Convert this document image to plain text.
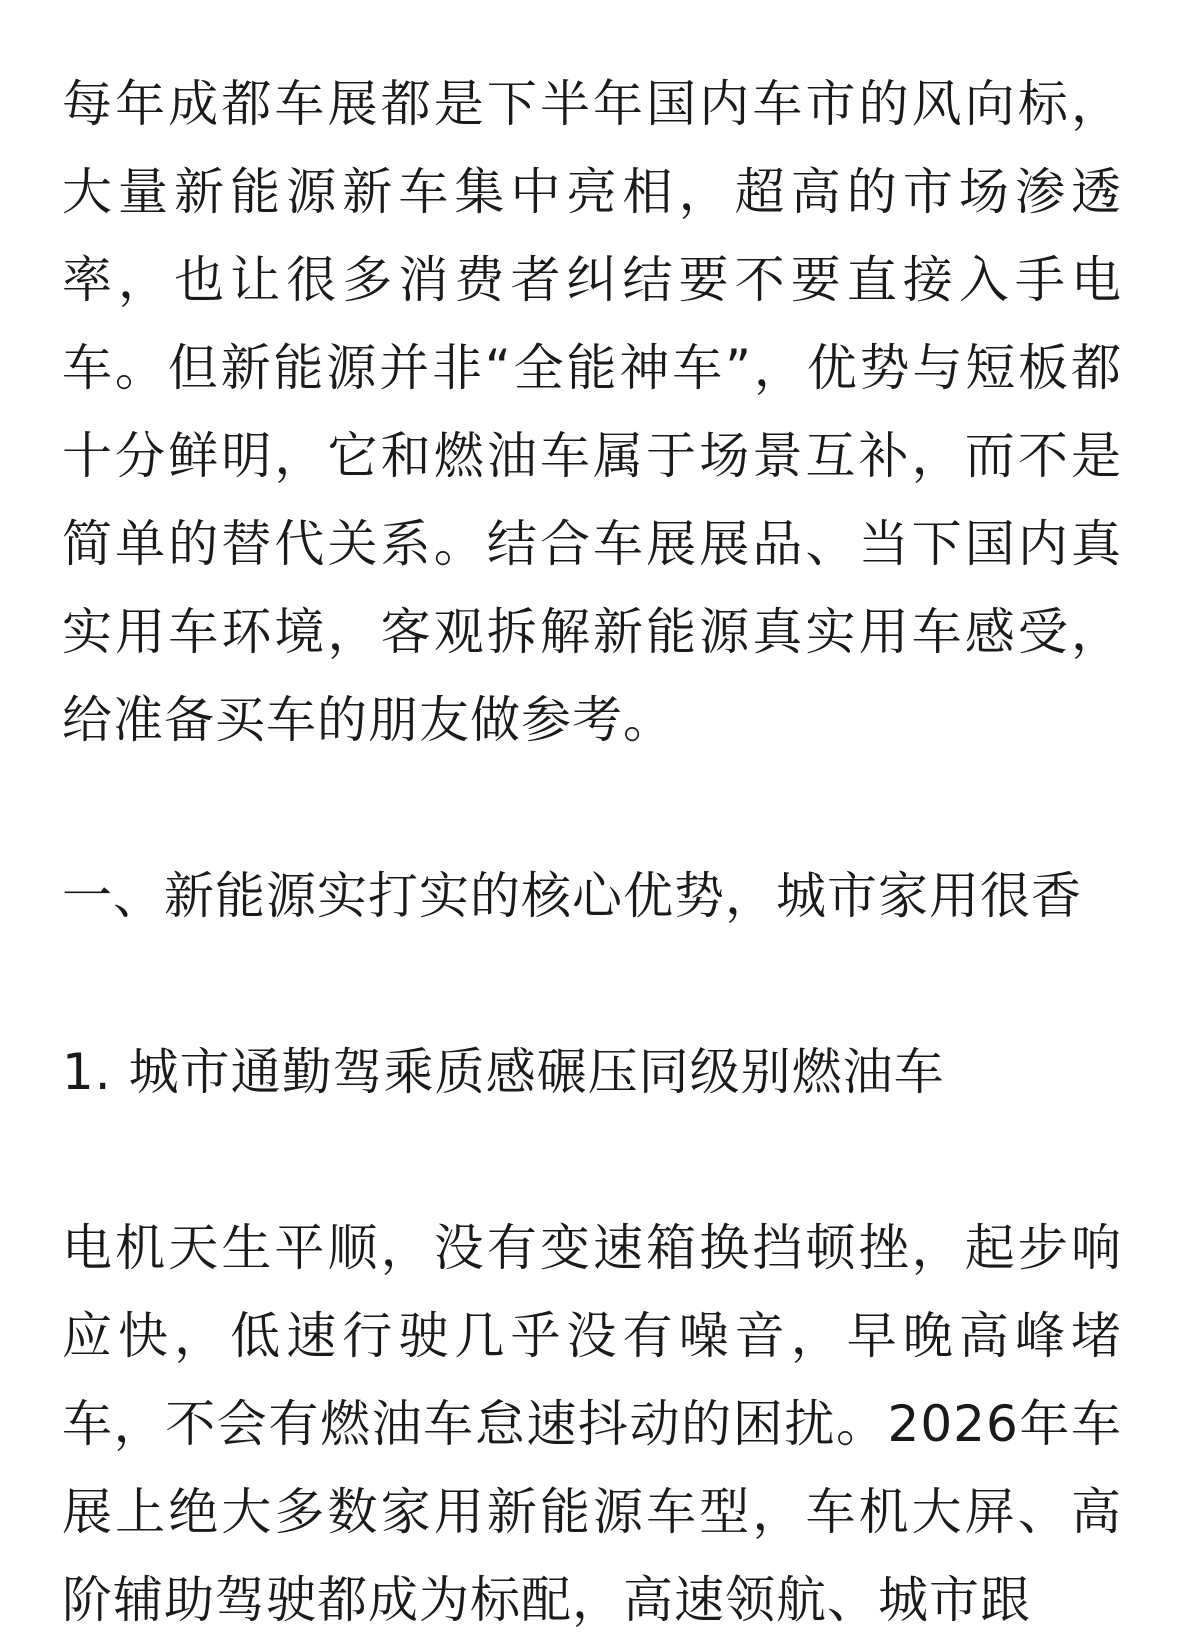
每年成都车展都是下半年国内车市的风向标，大量新能源新车集中亮相，超高的市场渗透率，也让很多消费者纠结要不要直接入手电车。但新能源并非“全能神车”，优势与短板都十分鲜明，它和燃油车属于场景互补，而不是简单的替代关系。结合车展展品、当下国内真实用车环境，客观拆解新能源真实用车感受，给准备买车的朋友做参考。

一、新能源实打实的核心优势，城市家用很香

1. 城市通勤驾乘质感碾压同级别燃油车

电机天生平顺，没有变速箱换挡顿挫，起步响应快，低速行驶几乎没有噪音，早晚高峰堵车，不会有燃油车怠速抖动的困扰。2026年车展上绝大多数家用新能源车型，车机大屏、高阶辅助驾驶都成为标配，高速领航、城市跟
